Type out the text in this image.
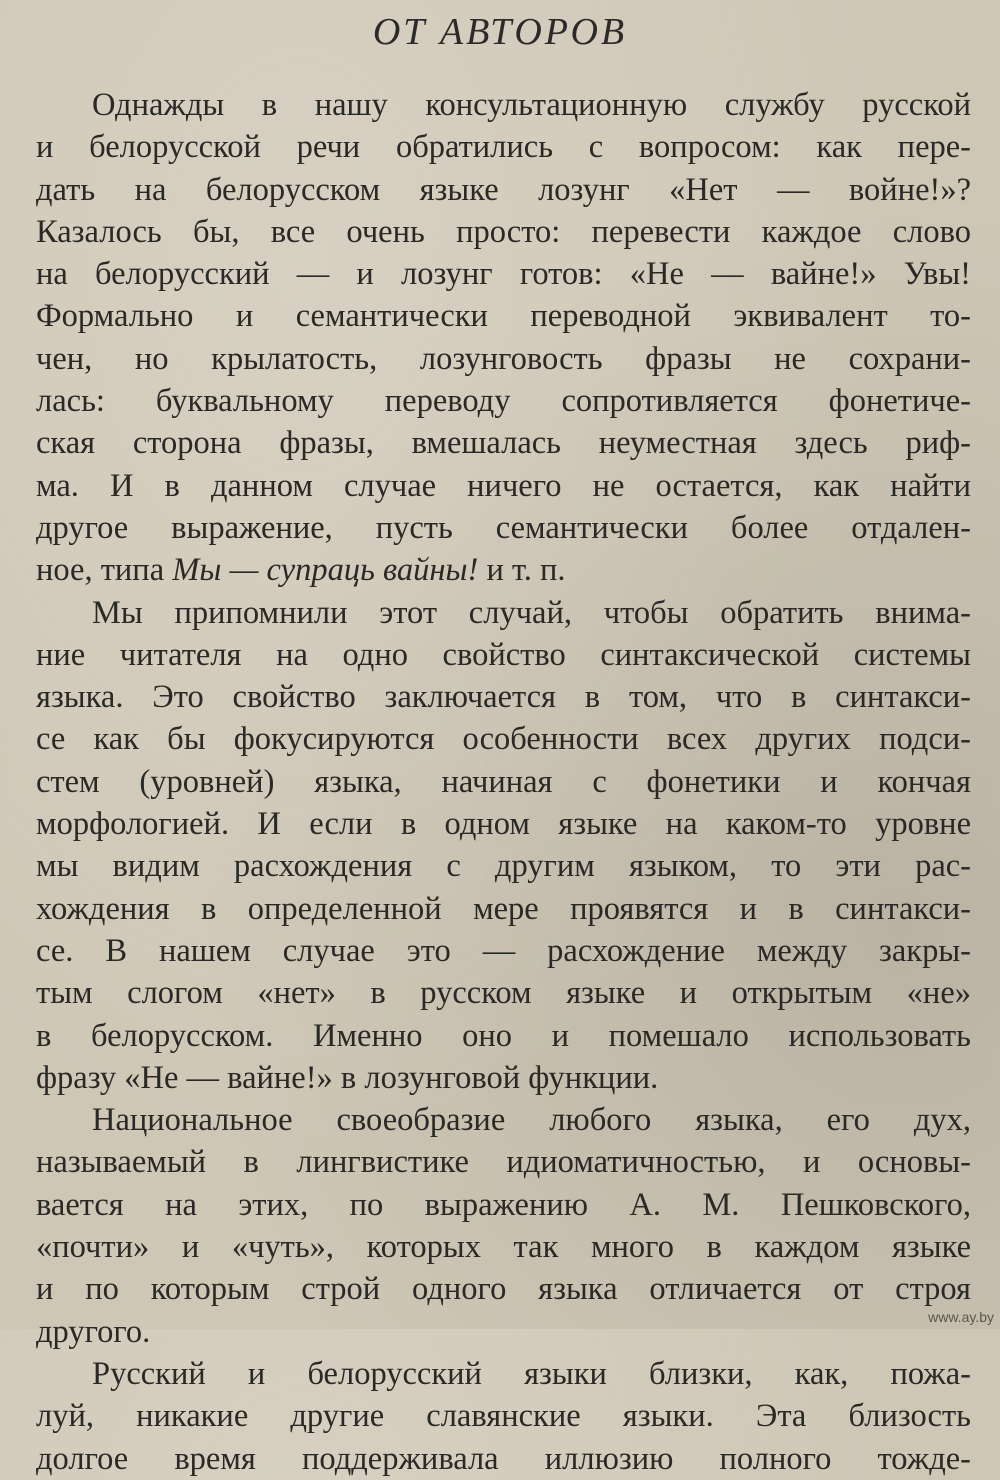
ОТ АВТОРОВ
Однажды в нашу консультационную службу русской
и белорусской речи обратились с вопросом: как пере-
дать на белорусском языке лозунг «Нет — войне!»?
Казалось бы, все очень просто: перевести каждое слово
на белорусский — и лозунг готов: «Не — вайне!» Увы!
Формально и семантически переводной эквивалент то-
чен, но крылатость, лозунговость фразы не сохрани-
лась: буквальному переводу сопротивляется фонетиче-
ская сторона фразы, вмешалась неуместная здесь риф-
ма. И в данном случае ничего не остается, как найти
другое выражение, пусть семантически более отдален-
ное, типа Мы — супраць вайны! и т. п.
Мы припомнили этот случай, чтобы обратить внима-
ние читателя на одно свойство синтаксической системы
языка. Это свойство заключается в том, что в синтакси-
се как бы фокусируются особенности всех других подси-
стем (уровней) языка, начиная с фонетики и кончая
морфологией. И если в одном языке на каком-то уровне
мы видим расхождения с другим языком, то эти рас-
хождения в определенной мере проявятся и в синтакси-
се. В нашем случае это — расхождение между закры-
тым слогом «нет» в русском языке и открытым «не»
в белорусском. Именно оно и помешало использовать
фразу «Не — вайне!» в лозунговой функции.
Национальное своеобразие любого языка, его дух,
называемый в лингвистике идиоматичностью, и основы-
вается на этих, по выражению А. М. Пешковского,
«почти» и «чуть», которых так много в каждом языке
и по которым строй одного языка отличается от строя
другого.
Русский и белорусский языки близки, как, пожа-
луй, никакие другие славянские языки. Эта близость
долгое время поддерживала иллюзию полного тожде-
www.ay.by
